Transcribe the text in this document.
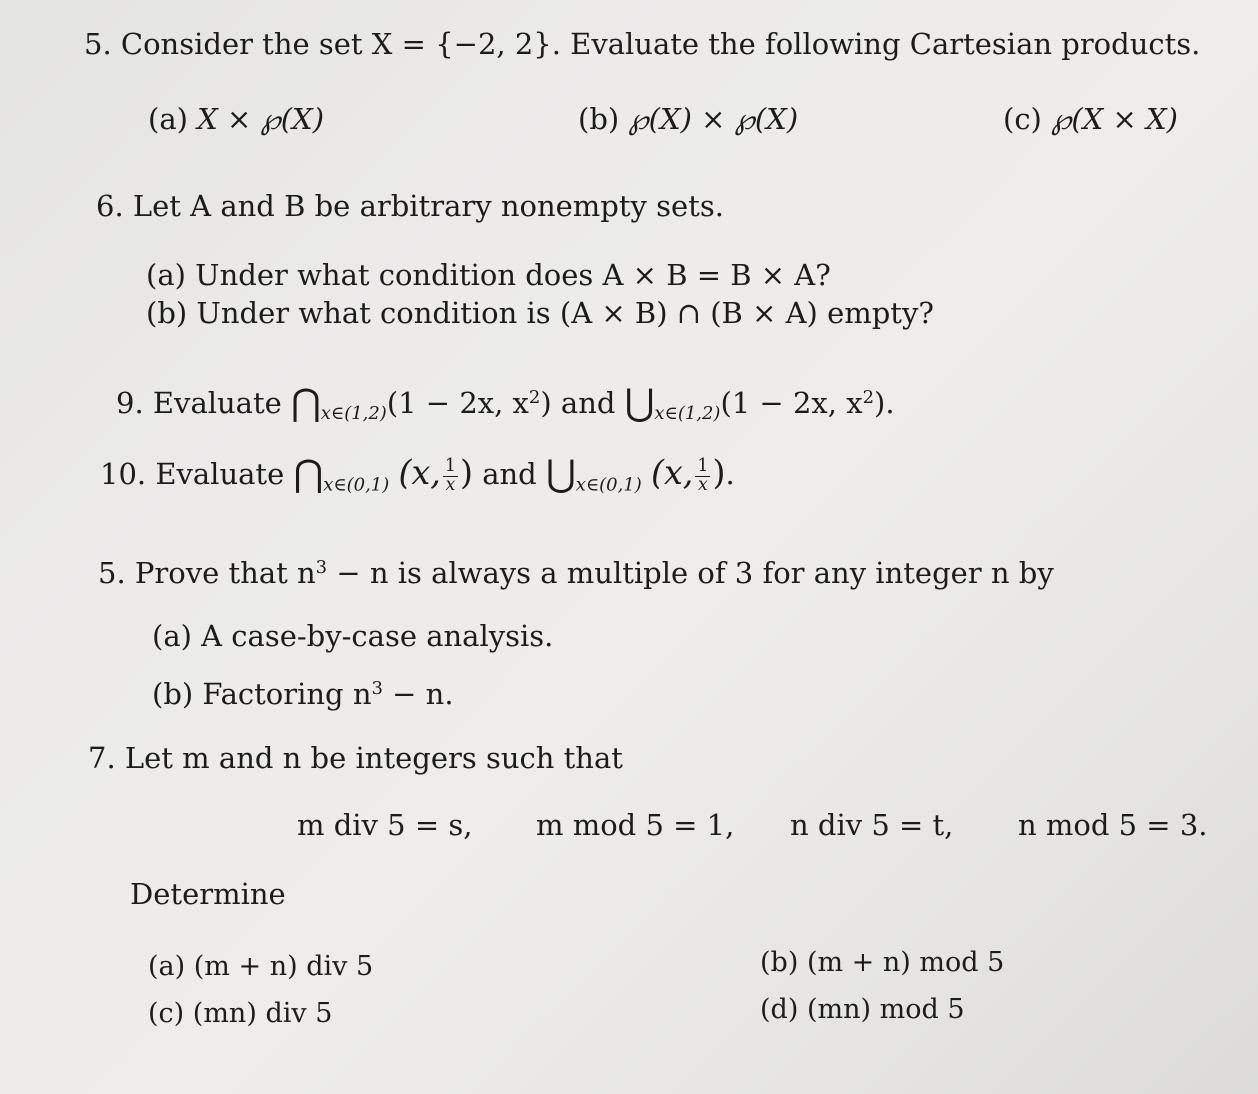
5. Consider the set X = {−2, 2}. Evaluate the following Cartesian products.
(a) X × ℘(X)	(b) ℘(X) × ℘(X)	(c) ℘(X × X)
6. Let A and B be arbitrary nonempty sets.
(a) Under what condition does A × B = B × A?
(b) Under what condition is (A × B) ∩ (B × A) empty?
9. Evaluate $⋂_{x\in(1,2)}(1 - 2x$, $x^2$) and $⋃_{x\in(1,2)}(1 - 2x$, $x^2$).
10. Evaluate $⋂_{x\in(0,1)}$ (x, $\frac{1}{x}$ ) and $⋃_{x\in(0,1)}$ (x, $\frac{1}{x}$ ).
5. Prove that $n^3 - n$ is always a multiple of 3 for any integer n by
(a) A case-by-case analysis.
(b) Factoring $n^3 - n$.
7. Let m and n be integers such that
m div 5 = s, m mod 5 = 1, n div 5 = t, n mod 5 = 3.
Determine
(a) (m + n) div 5	(b) (m + n) mod 5
(c) (mn) div 5	(d) (mn) mod 5
